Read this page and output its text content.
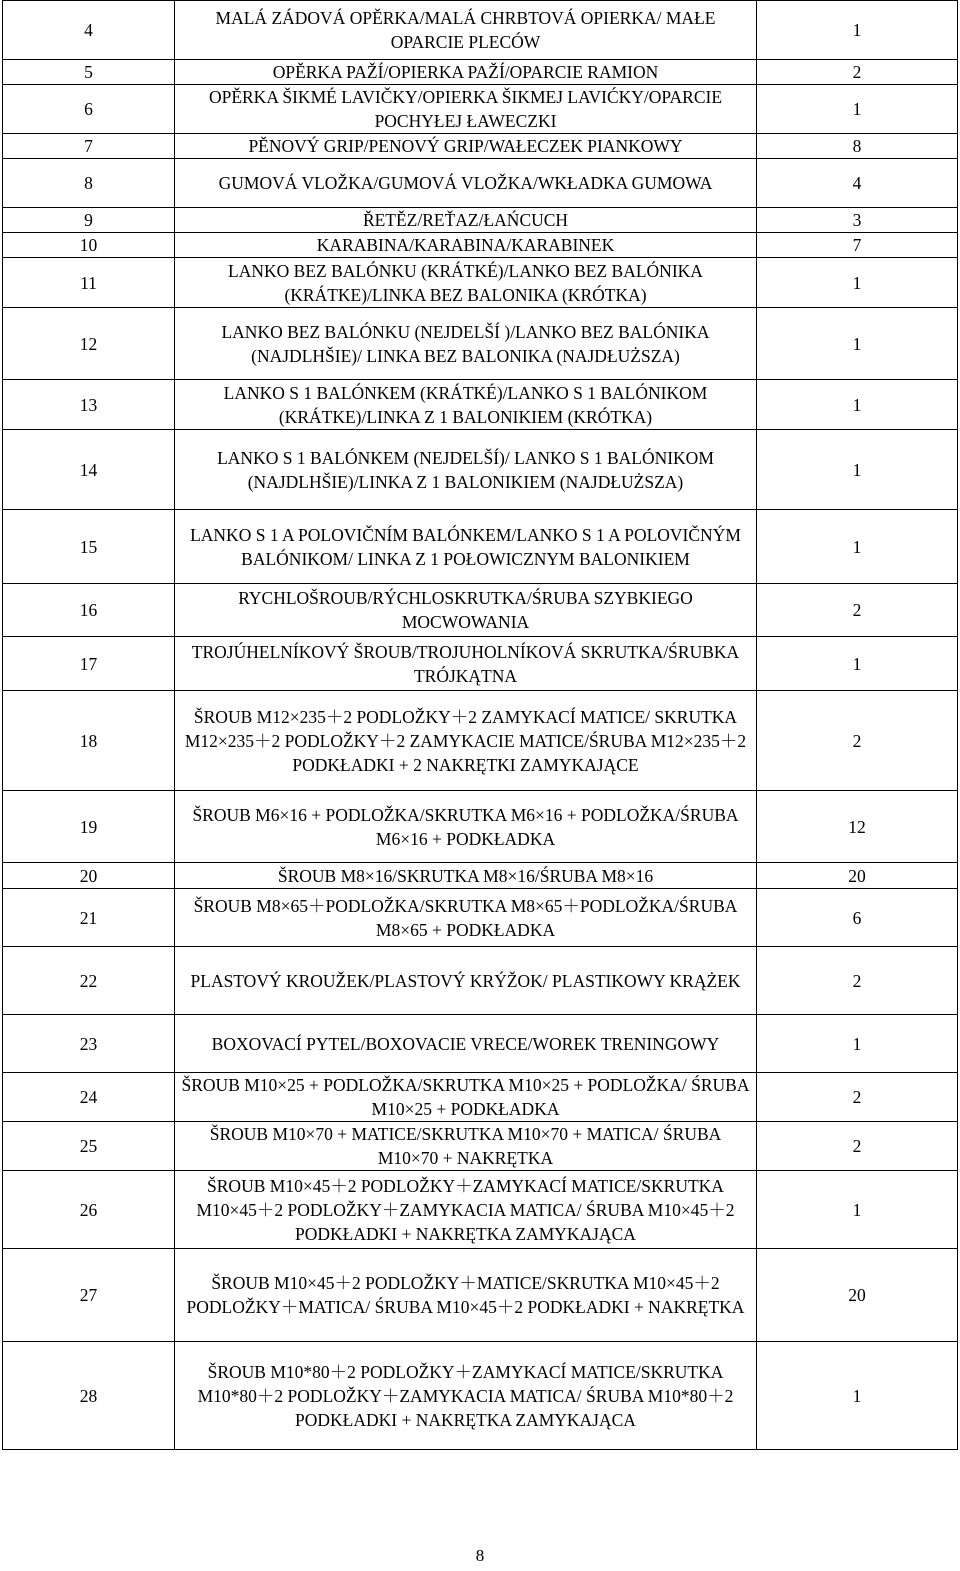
4	MALÁ ZÁDOVÁ OPĚRKA/MALÁ CHRBTOVÁ OPIERKA/ MAŁE OPARCIE PLECÓW	1
5	OPĚRKA PAŽÍ/OPIERKA PAŽÍ/OPARCIE RAMION	2
6	OPĚRKA ŠIKMÉ LAVIČKY/OPIERKA ŠIKMEJ LAVIĆKY/OPARCIE POCHYŁEJ ŁAWECZKI	1
7	PĚNOVÝ GRIP/PENOVÝ GRIP/WAŁECZEK PIANKOWY	8
8	GUMOVÁ VLOŽKA/GUMOVÁ VLOŽKA/WKŁADKA GUMOWA	4
9	ŘETĚZ/REŤAZ/ŁAŃCUCH	3
10	KARABINA/KARABINA/KARABINEK	7
11	LANKO BEZ BALÓNKU (KRÁTKÉ)/LANKO BEZ BALÓNIKA (KRÁTKE)/LINKA BEZ BALONIKA (KRÓTKA)	1
12	LANKO BEZ BALÓNKU (NEJDELŠÍ )/LANKO BEZ BALÓNIKA (NAJDLHŠIE)/ LINKA BEZ BALONIKA (NAJDŁUŻSZA)	1
13	LANKO S 1 BALÓNKEM (KRÁTKÉ)/LANKO S 1 BALÓNIKOM (KRÁTKE)/LINKA Z 1 BALONIKIEM (KRÓTKA)	1
14	LANKO S 1 BALÓNKEM (NEJDELŠÍ)/ LANKO S 1 BALÓNIKOM (NAJDLHŠIE)/LINKA Z 1 BALONIKIEM (NAJDŁUŻSZA)	1
15	LANKO S 1 A POLOVIČNÍM BALÓNKEM/LANKO S 1 A POLOVIČNÝM BALÓNIKOM/ LINKA Z 1 POŁOWICZNYM BALONIKIEM	1
16	RYCHLOŠROUB/RÝCHLOSKRUTKA/ŚRUBA SZYBKIEGO MOCWOWANIA	2
17	TROJÚHELNÍKOVÝ ŠROUB/TROJUHOLNÍKOVÁ SKRUTKA/ŚRUBKA TRÓJKĄTNA	1
18	ŠROUB M12×235＋2 PODLOŽKY＋2 ZAMYKACÍ MATICE/ SKRUTKA M12×235＋2 PODLOŽKY＋2 ZAMYKACIE MATICE/ŚRUBA M12×235＋2 PODKŁADKI + 2 NAKRĘTKI ZAMYKAJĄCE	2
19	ŠROUB M6×16 + PODLOŽKA/SKRUTKA M6×16 + PODLOŽKA/ŚRUBA M6×16 + PODKŁADKA	12
20	ŠROUB M8×16/SKRUTKA M8×16/ŚRUBA M8×16	20
21	ŠROUB M8×65＋PODLOŽKA/SKRUTKA M8×65＋PODLOŽKA/ŚRUBA M8×65 + PODKŁADKA	6
22	PLASTOVÝ KROUŽEK/PLASTOVÝ KRÝŽOK/ PLASTIKOWY KRĄŻEK	2
23	BOXOVACÍ PYTEL/BOXOVACIE VRECE/WOREK TRENINGOWY	1
24	ŠROUB M10×25 + PODLOŽKA/SKRUTKA M10×25 + PODLOŽKA/ ŚRUBA M10×25 + PODKŁADKA	2
25	ŠROUB M10×70 + MATICE/SKRUTKA M10×70 + MATICA/ ŚRUBA M10×70 + NAKRĘTKA	2
26	ŠROUB M10×45＋2 PODLOŽKY＋ZAMYKACÍ MATICE/SKRUTKA M10×45＋2 PODLOŽKY＋ZAMYKACIA MATICA/ ŚRUBA M10×45＋2 PODKŁADKI + NAKRĘTKA ZAMYKAJĄCA	1
27	ŠROUB M10×45＋2 PODLOŽKY＋MATICE/SKRUTKA M10×45＋2 PODLOŽKY＋MATICA/ ŚRUBA M10×45＋2 PODKŁADKI + NAKRĘTKA	20
28	ŠROUB M10*80＋2 PODLOŽKY＋ZAMYKACÍ MATICE/SKRUTKA M10*80＋2 PODLOŽKY＋ZAMYKACIA MATICA/ ŚRUBA M10*80＋2 PODKŁADKI + NAKRĘTKA ZAMYKAJĄCA	1
8
